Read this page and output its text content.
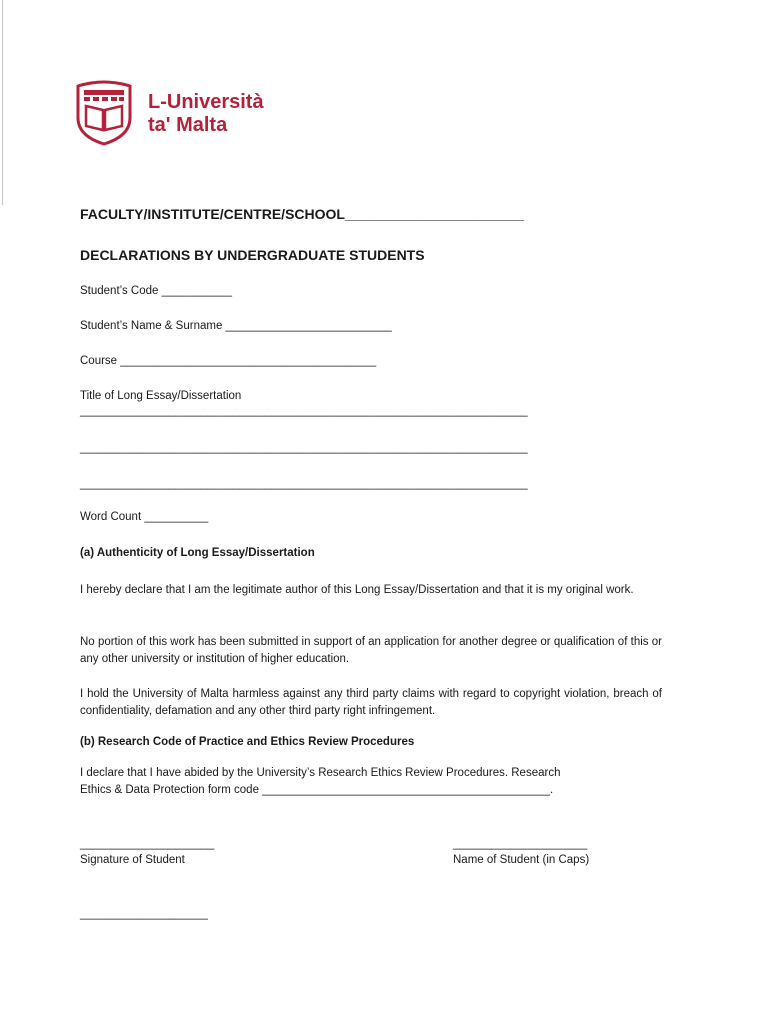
L-Università
ta' Malta
FACULTY/INSTITUTE/CENTRE/SCHOOL_______________________
DECLARATIONS BY UNDERGRADUATE STUDENTS
Student’s Code ___________
Student’s Name & Surname __________________________
Course ________________________________________
Title of Long Essay/Dissertation
______________________________________________________________________
______________________________________________________________________
______________________________________________________________________
Word Count __________
(a) Authenticity of Long Essay/Dissertation
I hereby declare that I am the legitimate author of this Long Essay/Dissertation and that it is my original work.
No portion of this work has been submitted in support of an application for another degree or qualification of this or any other university or institution of higher education.
I hold the University of Malta harmless against any third party claims with regard to copyright violation, breach of confidentiality, defamation and any other third party right infringement.
(b) Research Code of Practice and Ethics Review Procedures
I declare that I have abided by the University’s Research Ethics Review Procedures. Research
Ethics & Data Protection form code _____________________________________________.
_____________________
Signature of Student
_____________________
Name of Student (in Caps)
____________________
